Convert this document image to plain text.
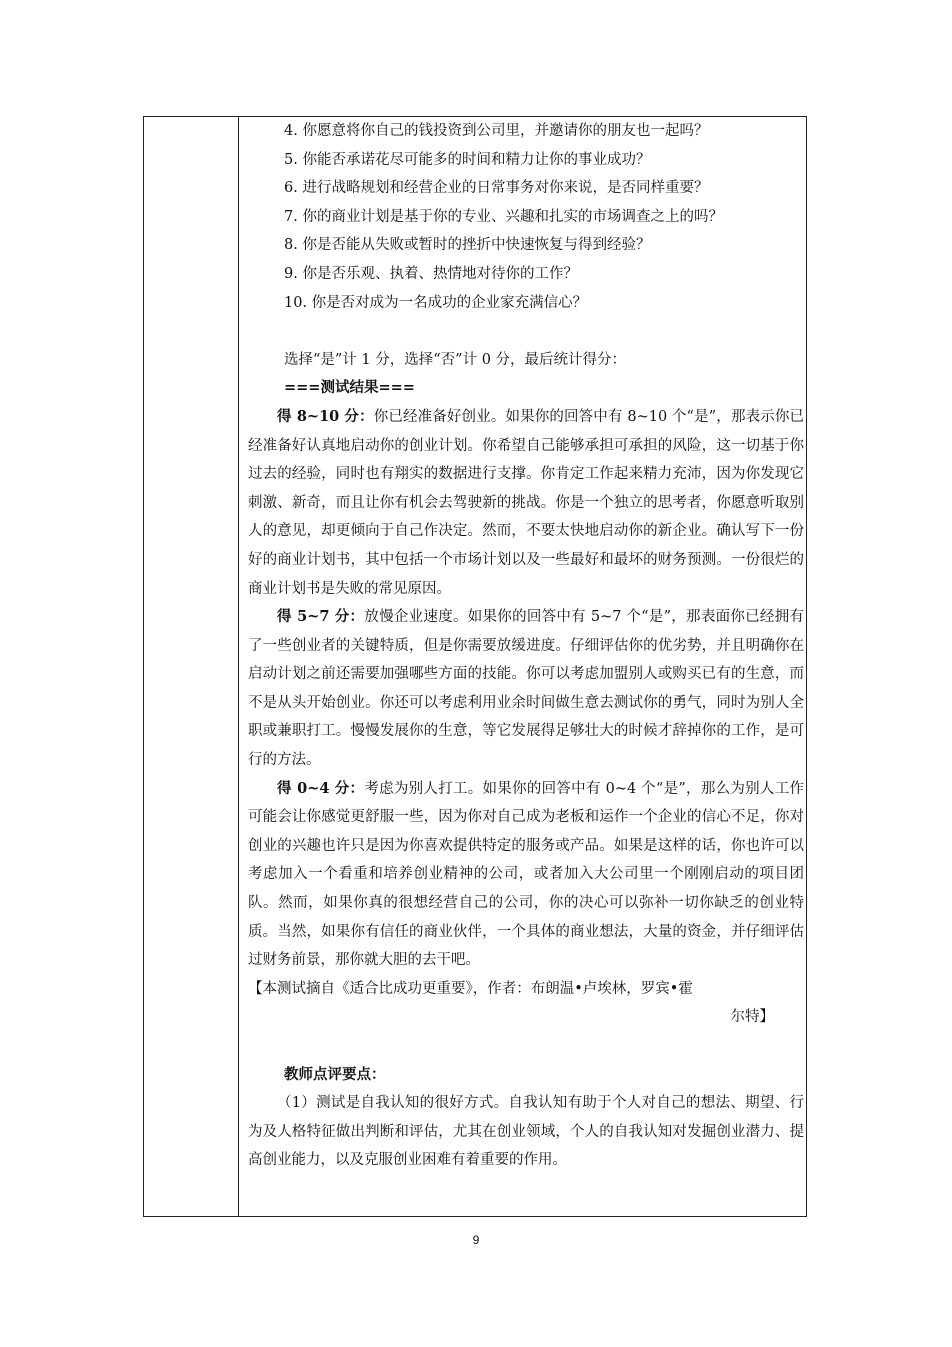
4. 你愿意将你自己的钱投资到公司里，并邀请你的朋友也一起吗？

5. 你能否承诺花尽可能多的时间和精力让你的事业成功？

6. 进行战略规划和经营企业的日常事务对你来说，是否同样重要？

7. 你的商业计划是基于你的专业、兴趣和扎实的市场调查之上的吗？

8. 你是否能从失败或暂时的挫折中快速恢复与得到经验？

9. 你是否乐观、执着、热情地对待你的工作？

10. 你是否对成为一名成功的企业家充满信心？

选择“是”计 1 分，选择“否”计 0 分，最后统计得分：

===测试结果===

得 8~10 分：你已经准备好创业。如果你的回答中有 8~10 个“是”，那表示你已经准备好认真地启动你的创业计划。你希望自己能够承担可承担的风险，这一切基于你过去的经验，同时也有翔实的数据进行支撑。你肯定工作起来精力充沛，因为你发现它刺激、新奇，而且让你有机会去驾驶新的挑战。你是一个独立的思考者，你愿意听取别人的意见，却更倾向于自己作决定。然而，不要太快地启动你的新企业。确认写下一份好的商业计划书，其中包括一个市场计划以及一些最好和最坏的财务预测。一份很烂的商业计划书是失败的常见原因。

得 5~7 分：放慢企业速度。如果你的回答中有 5~7 个“是”，那表面你已经拥有了一些创业者的关键特质，但是你需要放缓进度。仔细评估你的优劣势，并且明确你在启动计划之前还需要加强哪些方面的技能。你可以考虑加盟别人或购买已有的生意，而不是从头开始创业。你还可以考虑利用业余时间做生意去测试你的勇气，同时为别人全职或兼职打工。慢慢发展你的生意，等它发展得足够壮大的时候才辞掉你的工作，是可行的方法。

得 0~4 分：考虑为别人打工。如果你的回答中有 0~4 个“是”，那么为别人工作可能会让你感觉更舒服一些，因为你对自己成为老板和运作一个企业的信心不足，你对创业的兴趣也许只是因为你喜欢提供特定的服务或产品。如果是这样的话，你也许可以考虑加入一个看重和培养创业精神的公司，或者加入大公司里一个刚刚启动的项目团队。然而，如果你真的很想经营自己的公司，你的决心可以弥补一切你缺乏的创业特质。当然，如果你有信任的商业伙伴，一个具体的商业想法，大量的资金，并仔细评估过财务前景，那你就大胆的去干吧。

【本测试摘自《适合比成功更重要》，作者：布朗温•卢埃林，罗宾•霍

尔特】

教师点评要点：

（1）测试是自我认知的很好方式。自我认知有助于个人对自己的想法、期望、行为及人格特征做出判断和评估，尤其在创业领域，个人的自我认知对发掘创业潜力、提高创业能力，以及克服创业困难有着重要的作用。

9
